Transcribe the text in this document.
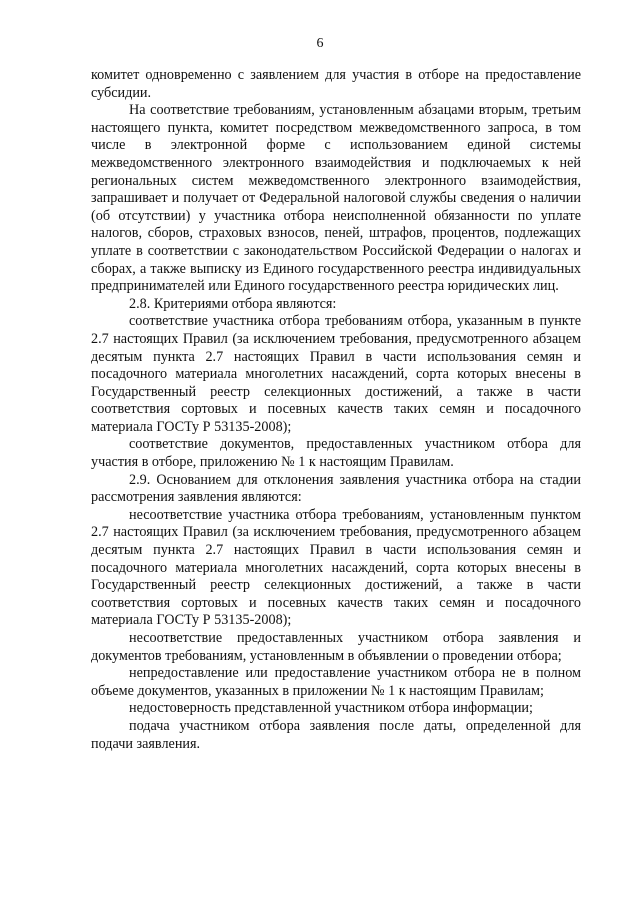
6

комитет одновременно с заявлением для участия в отборе на предоставление субсидии.

На соответствие требованиям, установленным абзацами вторым, третьим настоящего пункта, комитет посредством межведомственного запроса, в том числе в электронной форме с использованием единой системы межведомственного электронного взаимодействия и подключаемых к ней региональных систем межведомственного электронного взаимодействия, запрашивает и получает от Федеральной налоговой службы сведения о наличии (об отсутствии) у участника отбора неисполненной обязанности по уплате налогов, сборов, страховых взносов, пеней, штрафов, процентов, подлежащих уплате в соответствии с законодательством Российской Федерации о налогах и сборах, а также выписку из Единого государственного реестра индивидуальных предпринимателей или Единого государственного реестра юридических лиц.

2.8. Критериями отбора являются:

соответствие участника отбора требованиям отбора, указанным в пункте 2.7 настоящих Правил (за исключением требования, предусмотренного абзацем десятым пункта 2.7 настоящих Правил в части использования семян и посадочного материала многолетних насаждений, сорта которых внесены в Государственный реестр селекционных достижений, а также в части соответствия сортовых и посевных качеств таких семян и посадочного материала ГОСТу Р 53135-2008);

соответствие документов, предоставленных участником отбора для участия в отборе, приложению № 1 к настоящим Правилам.

2.9. Основанием для отклонения заявления участника отбора на стадии рассмотрения заявления являются:

несоответствие участника отбора требованиям, установленным пунктом 2.7 настоящих Правил (за исключением требования, предусмотренного абзацем десятым пункта 2.7 настоящих Правил в части использования семян и посадочного материала многолетних насаждений, сорта которых внесены в Государственный реестр селекционных достижений, а также в части соответствия сортовых и посевных качеств таких семян и посадочного материала ГОСТу Р 53135-2008);

несоответствие предоставленных участником отбора заявления и документов требованиям, установленным в объявлении о проведении отбора;

непредоставление или предоставление участником отбора не в полном объеме документов, указанных в приложении № 1 к настоящим Правилам;

недостоверность представленной участником отбора информации;

подача участником отбора заявления после даты, определенной для подачи заявления.
